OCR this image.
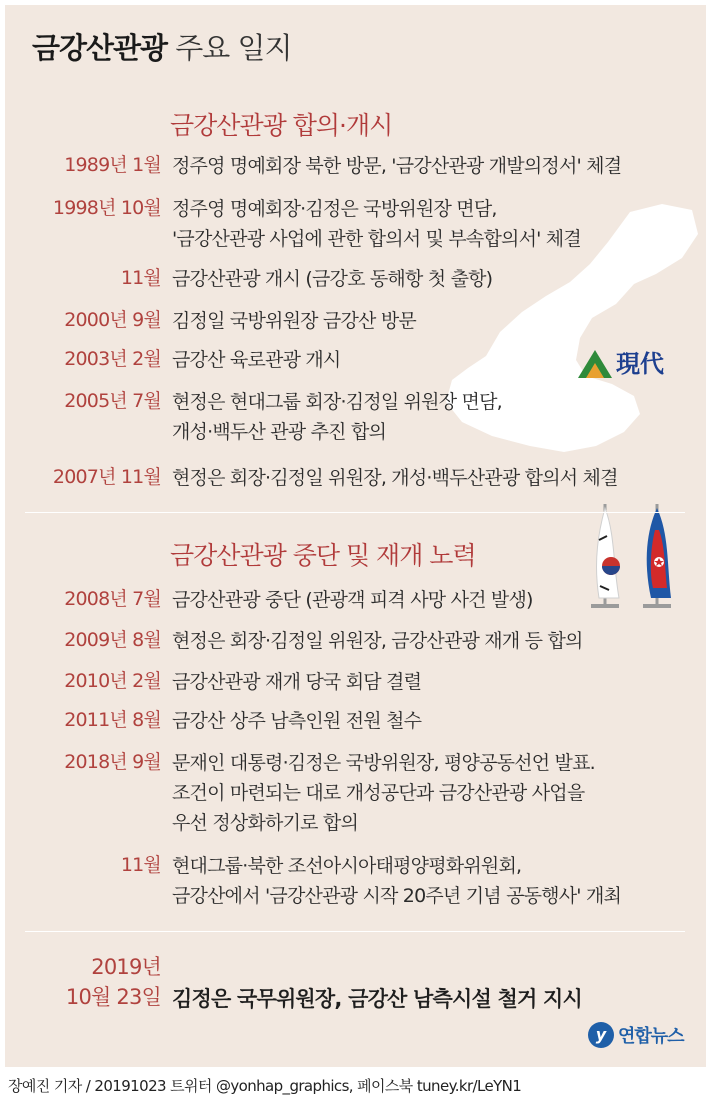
現代
금강산관광 주요 일지
금강산관광 합의·개시
1989년 1월 정주영 명예회장 북한 방문, '금강산관광 개발의정서' 체결
1998년 10월 정주영 명예회장·김정은 국방위원장 면담,
'금강산관광 사업에 관한 합의서 및 부속합의서' 체결
11월 금강산관광 개시 (금강호 동해항 첫 출항)
2000년 9월 김정일 국방위원장 금강산 방문
2003년 2월 금강산 육로관광 개시
2005년 7월 현정은 현대그룹 회장·김정일 위원장 면담,
개성·백두산 관광 추진 합의
2007년 11월 현정은 회장·김정일 위원장, 개성·백두산관광 합의서 체결
금강산관광 중단 및 재개 노력
2008년 7월 금강산관광 중단 (관광객 피격 사망 사건 발생)
2009년 8월 현정은 회장·김정일 위원장, 금강산관광 재개 등 합의
2010년 2월 금강산관광 재개 당국 회담 결렬
2011년 8월 금강산 상주 남측인원 전원 철수
2018년 9월 문재인 대통령·김정은 국방위원장, 평양공동선언 발표.
조건이 마련되는 대로 개성공단과 금강산관광 사업을
우선 정상화하기로 합의
11월 현대그룹·북한 조선아시아태평양평화위원회,
금강산에서 '금강산관광 시작 20주년 기념 공동행사' 개최
2019년
10월 23일 김정은 국무위원장, 금강산 남측시설 철거 지시
y 연합뉴스
장예진 기자 / 20191023 트위터 @yonhap_graphics, 페이스북 tuney.kr/LeYN1
